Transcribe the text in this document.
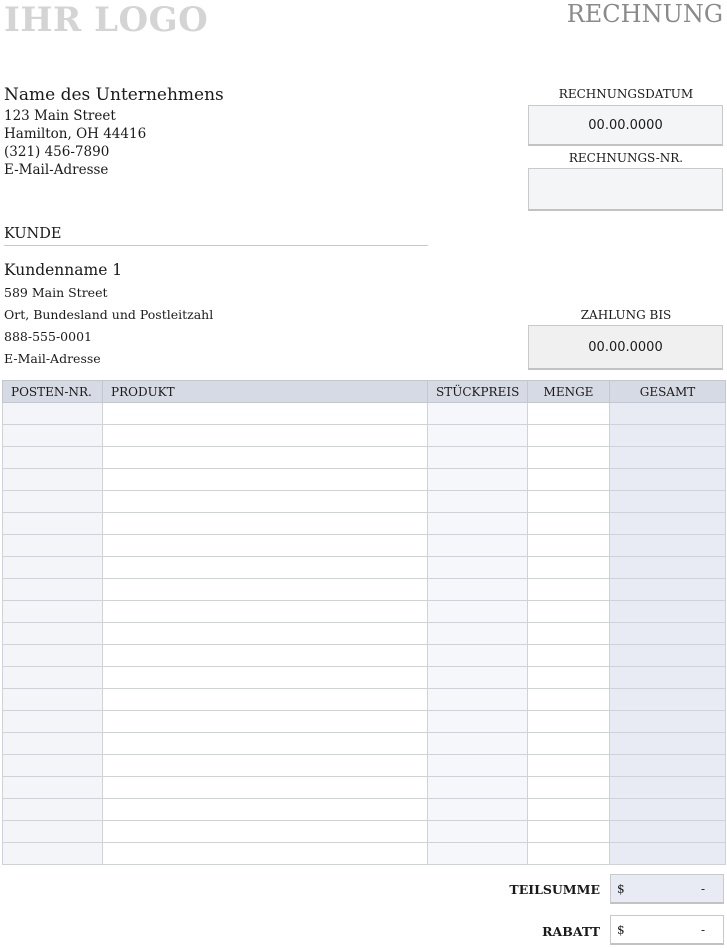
IHR LOGO	RECHNUNG
Name des Unternehmens
123 Main Street
Hamilton, OH 44416
(321) 456-7890
E-Mail-Adresse
RECHNUNGSDATUM
00.00.0000
RECHNUNGS-NR.
KUNDE
Kundenname 1
589 Main Street
Ort, Bundesland und Postleitzahl
888-555-0001
E-Mail-Adresse
ZAHLUNG BIS
00.00.0000
POSTEN-NR.	PRODUKT	STÜCKPREIS	MENGE	GESAMT

TEILSUMME $	-
RABATT $	-
